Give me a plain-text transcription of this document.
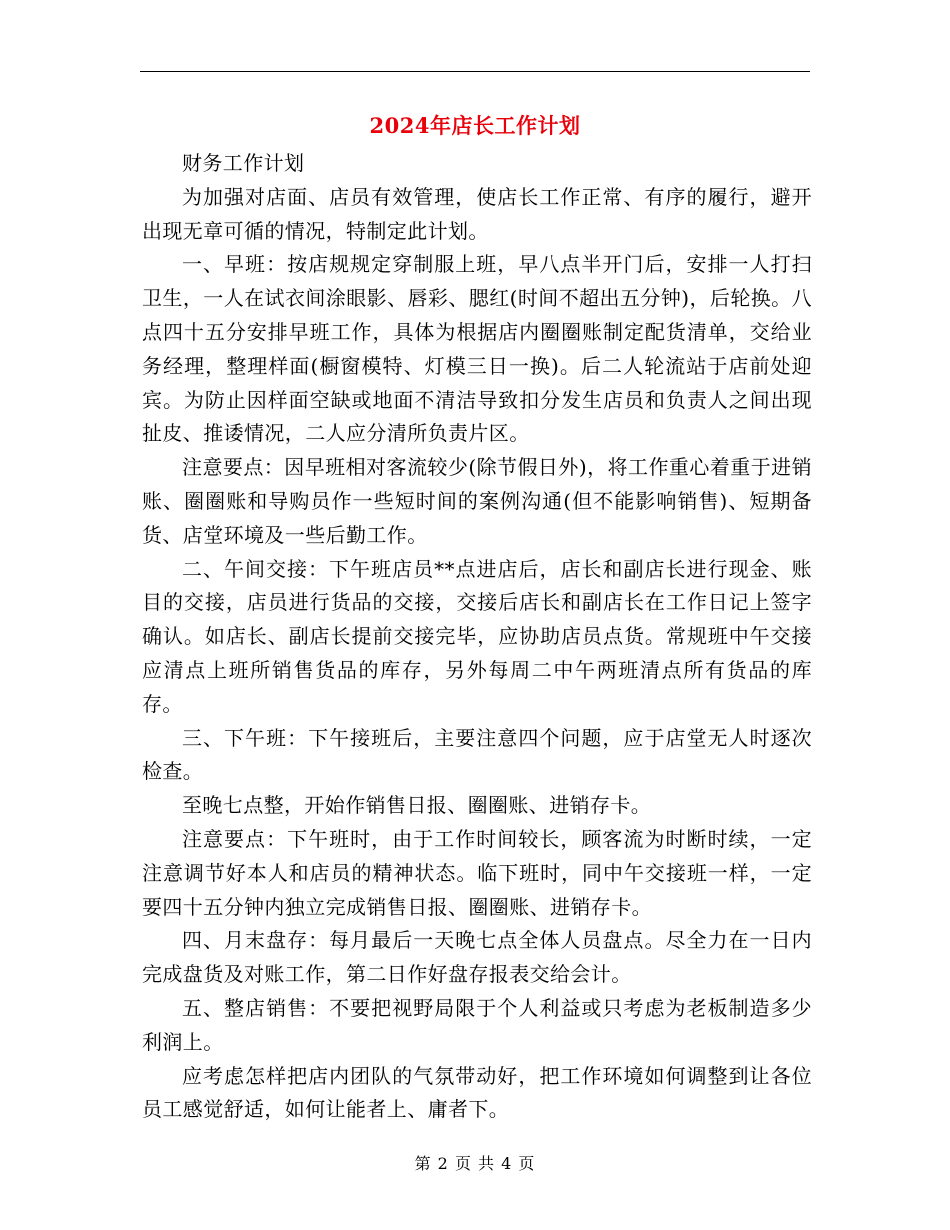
2024年店长工作计划

财务工作计划

为加强对店面、店员有效管理，使店长工作正常、有序的履行，避开出现无章可循的情况，特制定此计划。

一、早班：按店规规定穿制服上班，早八点半开门后，安排一人打扫卫生，一人在试衣间涂眼影、唇彩、腮红(时间不超出五分钟)，后轮换。八点四十五分安排早班工作，具体为根据店内圈圈账制定配货清单，交给业务经理，整理样面(橱窗模特、灯模三日一换)。后二人轮流站于店前处迎宾。为防止因样面空缺或地面不清洁导致扣分发生店员和负责人之间出现扯皮、推诿情况，二人应分清所负责片区。

注意要点：因早班相对客流较少(除节假日外)，将工作重心着重于进销账、圈圈账和导购员作一些短时间的案例沟通(但不能影响销售)、短期备货、店堂环境及一些后勤工作。

二、午间交接：下午班店员**点进店后，店长和副店长进行现金、账目的交接，店员进行货品的交接，交接后店长和副店长在工作日记上签字确认。如店长、副店长提前交接完毕，应协助店员点货。常规班中午交接应清点上班所销售货品的库存，另外每周二中午两班清点所有货品的库存。

三、下午班：下午接班后，主要注意四个问题，应于店堂无人时逐次检查。

至晚七点整，开始作销售日报、圈圈账、进销存卡。

注意要点：下午班时，由于工作时间较长，顾客流为时断时续，一定注意调节好本人和店员的精神状态。临下班时，同中午交接班一样，一定要四十五分钟内独立完成销售日报、圈圈账、进销存卡。

四、月末盘存：每月最后一天晚七点全体人员盘点。尽全力在一日内完成盘货及对账工作，第二日作好盘存报表交给会计。

五、整店销售：不要把视野局限于个人利益或只考虑为老板制造多少利润上。

应考虑怎样把店内团队的气氛带动好，把工作环境如何调整到让各位员工感觉舒适，如何让能者上、庸者下。

第 2 页 共 4 页
